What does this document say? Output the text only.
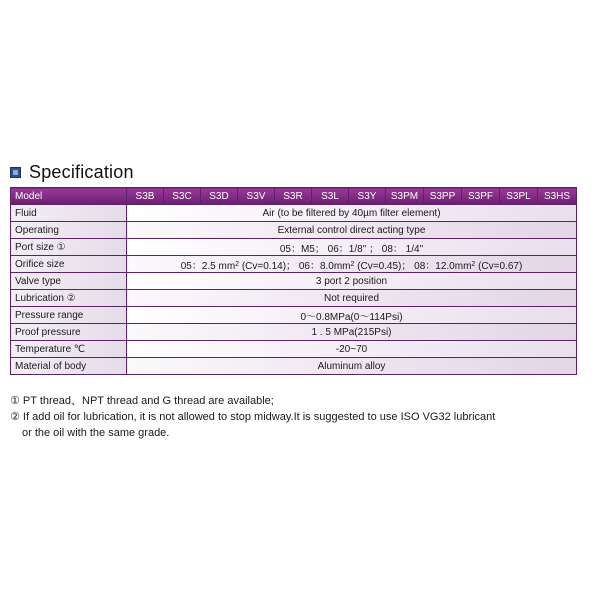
Specification
Model	S3B	S3C	S3D	S3V	S3R	S3L	S3Y	S3PM	S3PP	S3PF	S3PL	S3HS
Fluid	Air (to be filtered by 40µm filter element)											
Operating	External control direct acting type											
Port size ①	05：M5； 06：1/8" ； 08： 1/4"											
Orifice size	05：2.5 $mm^2$ (Cv=0.14)； 06：$8.0mm^2$ (Cv=0.45)； 08：$12.0mm^2$ (Cv=0.67)											
Valve type	3 port 2 position											
Lubrication ②	Not required											
Pressure range	0～0.8MPa(0～114Psi)											
Proof pressure	1 . 5 MPa(215Psi)											
Temperature ℃	-20~70											
Material of body	Aluminum alloy											
① PT thread、NPT thread and G thread are available;
② If add oil for lubrication, it is not allowed to stop midway.It is suggested to use ISO VG32 lubricant
or the oil with the same grade.
